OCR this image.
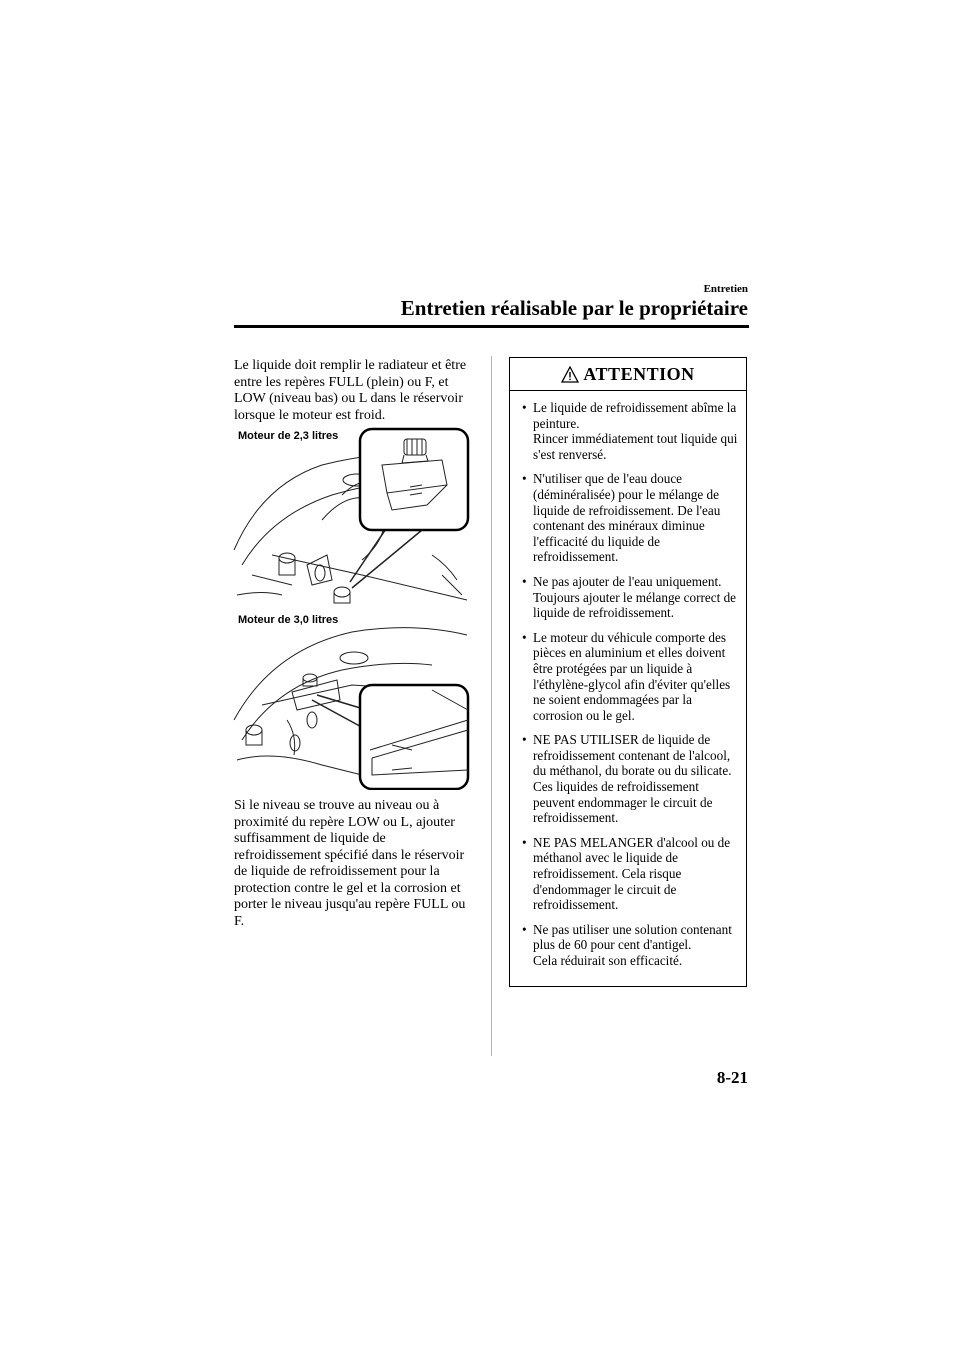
Entretien
Entretien réalisable par le propriétaire
Le liquide doit remplir le radiateur et être entre les repères FULL (plein) ou F, et LOW (niveau bas) ou L dans le réservoir lorsque le moteur est froid.
Moteur de 2,3 litres
Moteur de 3,0 litres
Si le niveau se trouve au niveau ou à proximité du repère LOW ou L, ajouter suffisamment de liquide de refroidissement spécifié dans le réservoir de liquide de refroidissement pour la protection contre le gel et la corrosion et porter le niveau jusqu'au repère FULL ou F.
ATTENTION

• Le liquide de refroidissement abîme la peinture.

Rincer immédiatement tout liquide qui s'est renversé.

• N'utiliser que de l'eau douce (déminéralisée) pour le mélange de liquide de refroidissement. De l'eau contenant des minéraux diminue l'efficacité du liquide de refroidissement.

• Ne pas ajouter de l'eau uniquement. Toujours ajouter le mélange correct de liquide de refroidissement.

• Le moteur du véhicule comporte des pièces en aluminium et elles doivent être protégées par un liquide à l'éthylène-glycol afin d'éviter qu'elles ne soient endommagées par la corrosion ou le gel.

• NE PAS UTILISER de liquide de refroidissement contenant de l'alcool, du méthanol, du borate ou du silicate.

Ces liquides de refroidissement peuvent endommager le circuit de refroidissement.

• NE PAS MELANGER d'alcool ou de méthanol avec le liquide de refroidissement. Cela risque d'endommager le circuit de refroidissement.

• Ne pas utiliser une solution contenant plus de 60 pour cent d'antigel.

Cela réduirait son efficacité.

8-21
